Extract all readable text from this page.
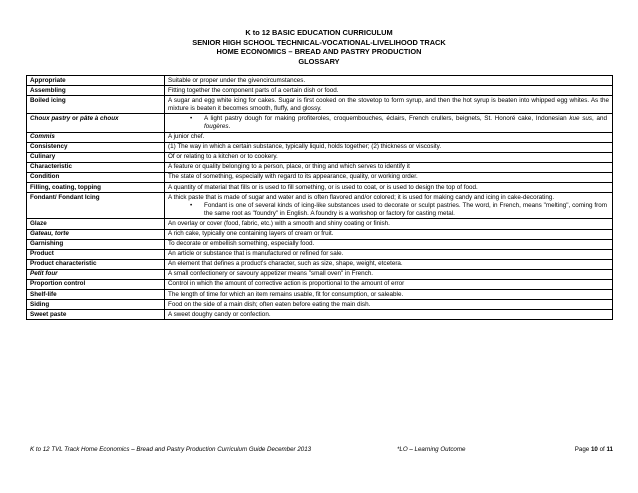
K to 12 BASIC EDUCATION CURRICULUM
SENIOR HIGH SCHOOL TECHNICAL-VOCATIONAL-LIVELIHOOD TRACK
HOME ECONOMICS – BREAD AND PASTRY PRODUCTION
GLOSSARY
Appropriate	Suitable or proper under the givencircumstances.
Assembling	Fitting together the component parts of a certain dish or food.
Boiled icing	A sugar and egg white icing for cakes. Sugar is first cooked on the stovetop to form syrup, and then the hot syrup is beaten into whipped egg whites. As the mixture is beaten it becomes smooth, fluffy, and glossy.
Choux pastry or pâte à choux	• A light pastry dough for making profiteroles, croquembouches, éclairs, French crullers, beignets, St. Honoré cake, Indonesian kue sus, and fougères.

Commis	A junior chef.
Consistency	(1) The way in which a certain substance, typically liquid, holds together; (2) thickness or viscosity.
Culinary	Of or relating to a kitchen or to cookery.
Characteristic	A feature or quality belonging to a person, place, or thing and which serves to identify it
Condition	The state of something, especially with regard to its appearance, quality, or working order.
Filling, coating, topping	A quantity of material that fills or is used to fill something, or is used to coat, or is used to design the top of food.
Fondant/ Fondant Icing	A thick paste that is made of sugar and water and is often flavored and/or colored; it is used for making candy and icing in cake-decorating.
• Fondant is one of several kinds of icing-like substances used to decorate or sculpt pastries. The word, in French, means "melting", coming from the same root as "foundry" in English. A foundry is a workshop or factory for casting metal.

Glaze	An overlay or cover (food, fabric, etc.) with a smooth and shiny coating or finish.
Gateau, torte	A rich cake, typically one containing layers of cream or fruit.
Garnishing	To decorate or embellish something, especially food.
Product	An article or substance that is manufactured or refined for sale.
Product characteristic	An element that defines a product's character, such as size, shape, weight, etcetera.
Petit four	A small confectionery or savoury appetizer means "small oven" in French.
Proportion control	Control in which the amount of corrective action is proportional to the amount of error
Shelf-life	The length of time for which an item remains usable, fit for consumption, or saleable.
Siding	Food on the side of a main dish; often eaten before eating the main dish.
Sweet paste	A sweet doughy candy or confection.
K to 12 TVL Track Home Economics – Bread and Pastry Production Curriculum Guide December 2013	*LO – Learning Outcome	Page 10 of 11
